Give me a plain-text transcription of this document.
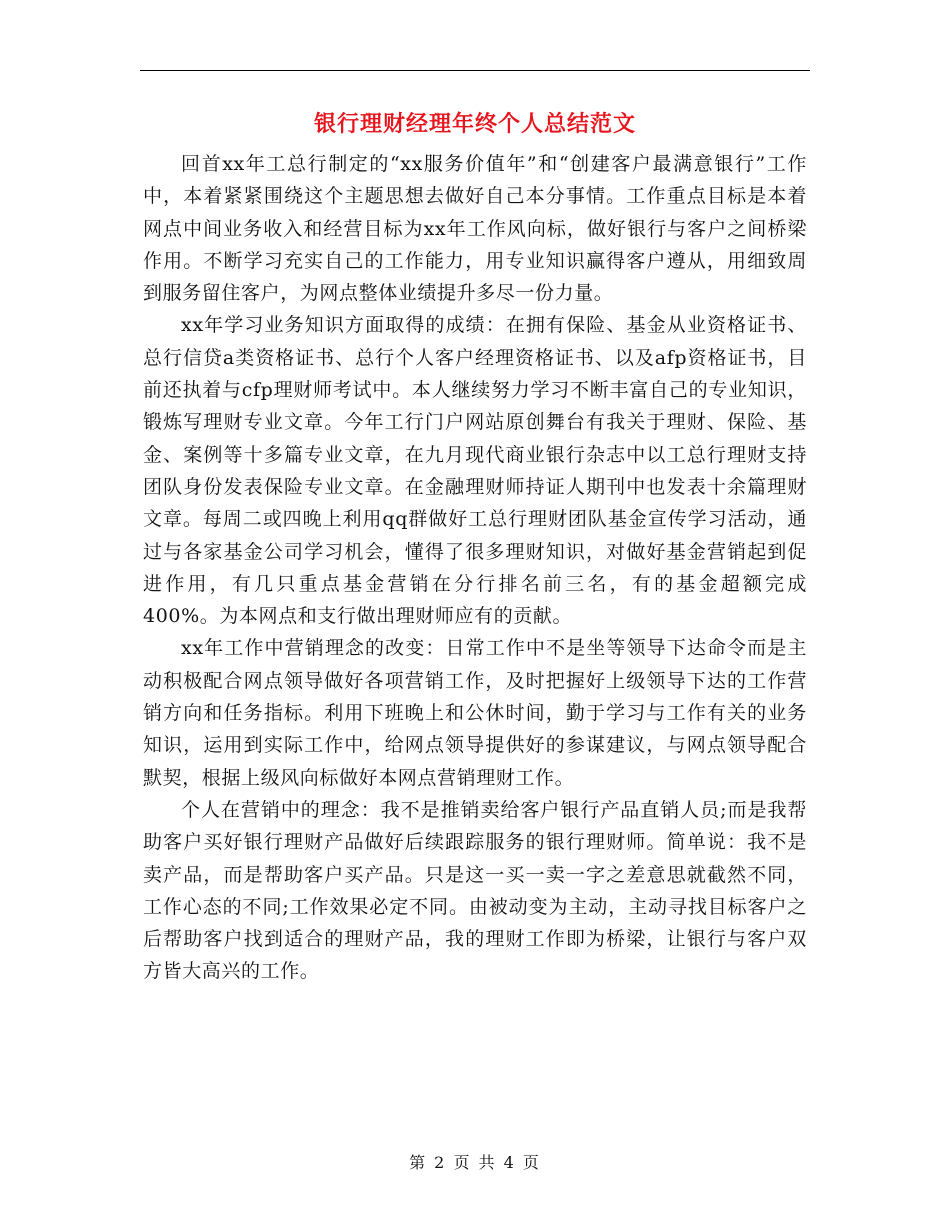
银行理财经理年终个人总结范文

回首xx年工总行制定的“xx服务价值年”和“创建客户最满意银行”工作中，本着紧紧围绕这个主题思想去做好自己本分事情。工作重点目标是本着网点中间业务收入和经营目标为xx年工作风向标，做好银行与客户之间桥梁作用。不断学习充实自己的工作能力，用专业知识赢得客户遵从，用细致周到服务留住客户，为网点整体业绩提升多尽一份力量。

xx年学习业务知识方面取得的成绩：在拥有保险、基金从业资格证书、总行信贷a类资格证书、总行个人客户经理资格证书、以及afp资格证书，目前还执着与cfp理财师考试中。本人继续努力学习不断丰富自己的专业知识，锻炼写理财专业文章。今年工行门户网站原创舞台有我关于理财、保险、基金、案例等十多篇专业文章，在九月现代商业银行杂志中以工总行理财支持团队身份发表保险专业文章。在金融理财师持证人期刊中也发表十余篇理财文章。每周二或四晚上利用qq群做好工总行理财团队基金宣传学习活动，通过与各家基金公司学习机会，懂得了很多理财知识，对做好基金营销起到促进作用，有几只重点基金营销在分行排名前三名，有的基金超额完成400%。为本网点和支行做出理财师应有的贡献。

xx年工作中营销理念的改变：日常工作中不是坐等领导下达命令而是主动积极配合网点领导做好各项营销工作，及时把握好上级领导下达的工作营销方向和任务指标。利用下班晚上和公休时间，勤于学习与工作有关的业务知识，运用到实际工作中，给网点领导提供好的参谋建议，与网点领导配合默契，根据上级风向标做好本网点营销理财工作。

个人在营销中的理念：我不是推销卖给客户银行产品直销人员;而是我帮助客户买好银行理财产品做好后续跟踪服务的银行理财师。简单说：我不是卖产品，而是帮助客户买产品。只是这一买一卖一字之差意思就截然不同，工作心态的不同;工作效果必定不同。由被动变为主动，主动寻找目标客户之后帮助客户找到适合的理财产品，我的理财工作即为桥梁，让银行与客户双方皆大高兴的工作。

第 2 页 共 4 页
